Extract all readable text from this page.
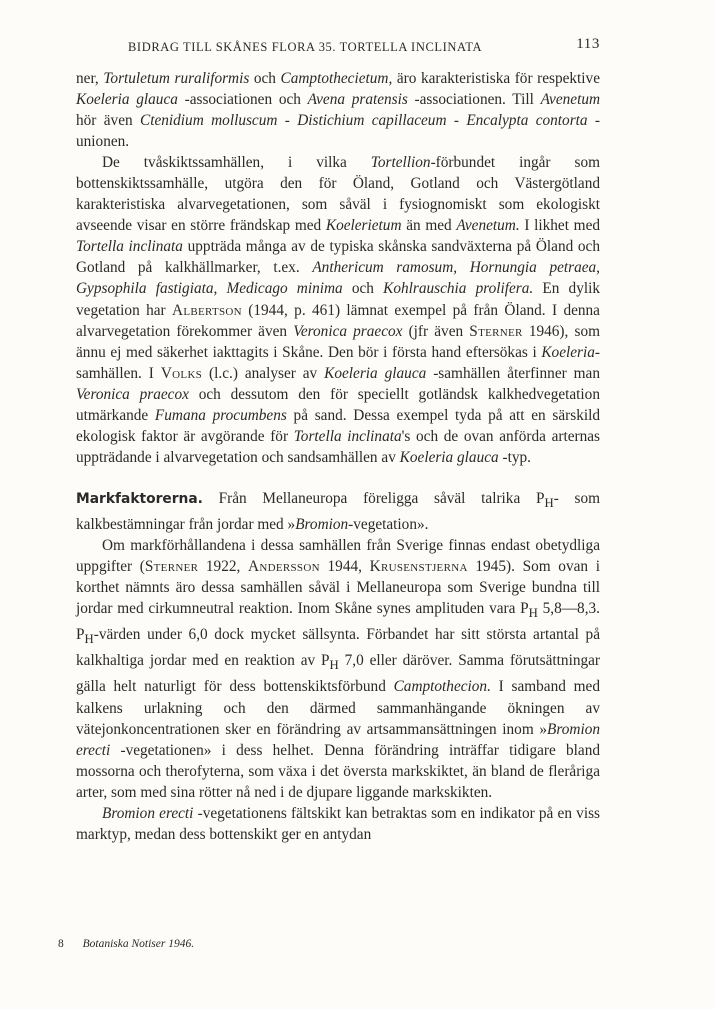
BIDRAG TILL SKÅNES FLORA 35. TORTELLA INCLINATA	113

ner, Tortuletum ruraliformis och Camptothecietum, äro karakteristiska för respektive Koeleria glauca -associationen och Avena pratensis -associationen. Till Avenetum hör även Ctenidium molluscum - Distichium capillaceum - Encalypta contorta -unionen.

De tvåskiktssamhällen, i vilka Tortellion-förbundet ingår som bottenskiktssamhälle, utgöra den för Öland, Gotland och Västergötland karakteristiska alvarvegetationen, som såväl i fysiognomiskt som ekologiskt avseende visar en större frändskap med Koelerietum än med Avenetum. I likhet med Tortella inclinata uppträda många av de typiska skånska sandväxterna på Öland och Gotland på kalkhällmarker, t.ex. Anthericum ramosum, Hornungia petraea, Gypsophila fastigiata, Medicago minima och Kohlrauschia prolifera. En dylik vegetation har Albertson (1944, p. 461) lämnat exempel på från Öland. I denna alvarvegetation förekommer även Veronica praecox (jfr även Sterner 1946), som ännu ej med säkerhet iakttagits i Skåne. Den bör i första hand eftersökas i Koeleria-samhällen. I Volks (l.c.) analyser av Koeleria glauca -samhällen återfinner man Veronica praecox och dessutom den för speciellt gotländsk kalkhedvegetation utmärkande Fumana procumbens på sand. Dessa exempel tyda på att en särskild ekologisk faktor är avgörande för Tortella inclinata's och de ovan anförda arternas uppträdande i alvarvegetation och sandsamhällen av Koeleria glauca -typ.

Markfaktorerna. Från Mellaneuropa föreligga såväl talrika $P_H-$ som kalkbestämningar från jordar med »Bromion-vegetation».

Om markförhållandena i dessa samhällen från Sverige finnas endast obetydliga uppgifter (Sterner 1922, Andersson 1944, Krusenstjerna 1945). Som ovan i korthet nämnts äro dessa samhällen såväl i Mellaneuropa som Sverige bundna till jordar med cirkumneutral reaktion. Inom Skåne synes amplituden vara $P_H$ 5,8—8,3. $P_H$-värden under 6,0 dock mycket sällsynta. Förbandet har sitt största artantal på kalkhaltiga jordar med en reaktion av $P_H$ 7,0 eller däröver. Samma förutsättningar gälla helt naturligt för dess bottenskiktsförbund Camptothecion. I samband med kalkens urlakning och den därmed sammanhängande ökningen av vätejonkoncentrationen sker en förändring av artsammansättningen inom »Bromion erecti -vegetationen» i dess helhet. Denna förändring inträffar tidigare bland mossorna och therofyterna, som växa i det översta markskiktet, än bland de fleråriga arter, som med sina rötter nå ned i de djupare liggande markskikten.

Bromion erecti -vegetationens fältskikt kan betraktas som en indikator på en viss marktyp, medan dess bottenskikt ger en antydan

8 Botaniska Notiser 1946.
